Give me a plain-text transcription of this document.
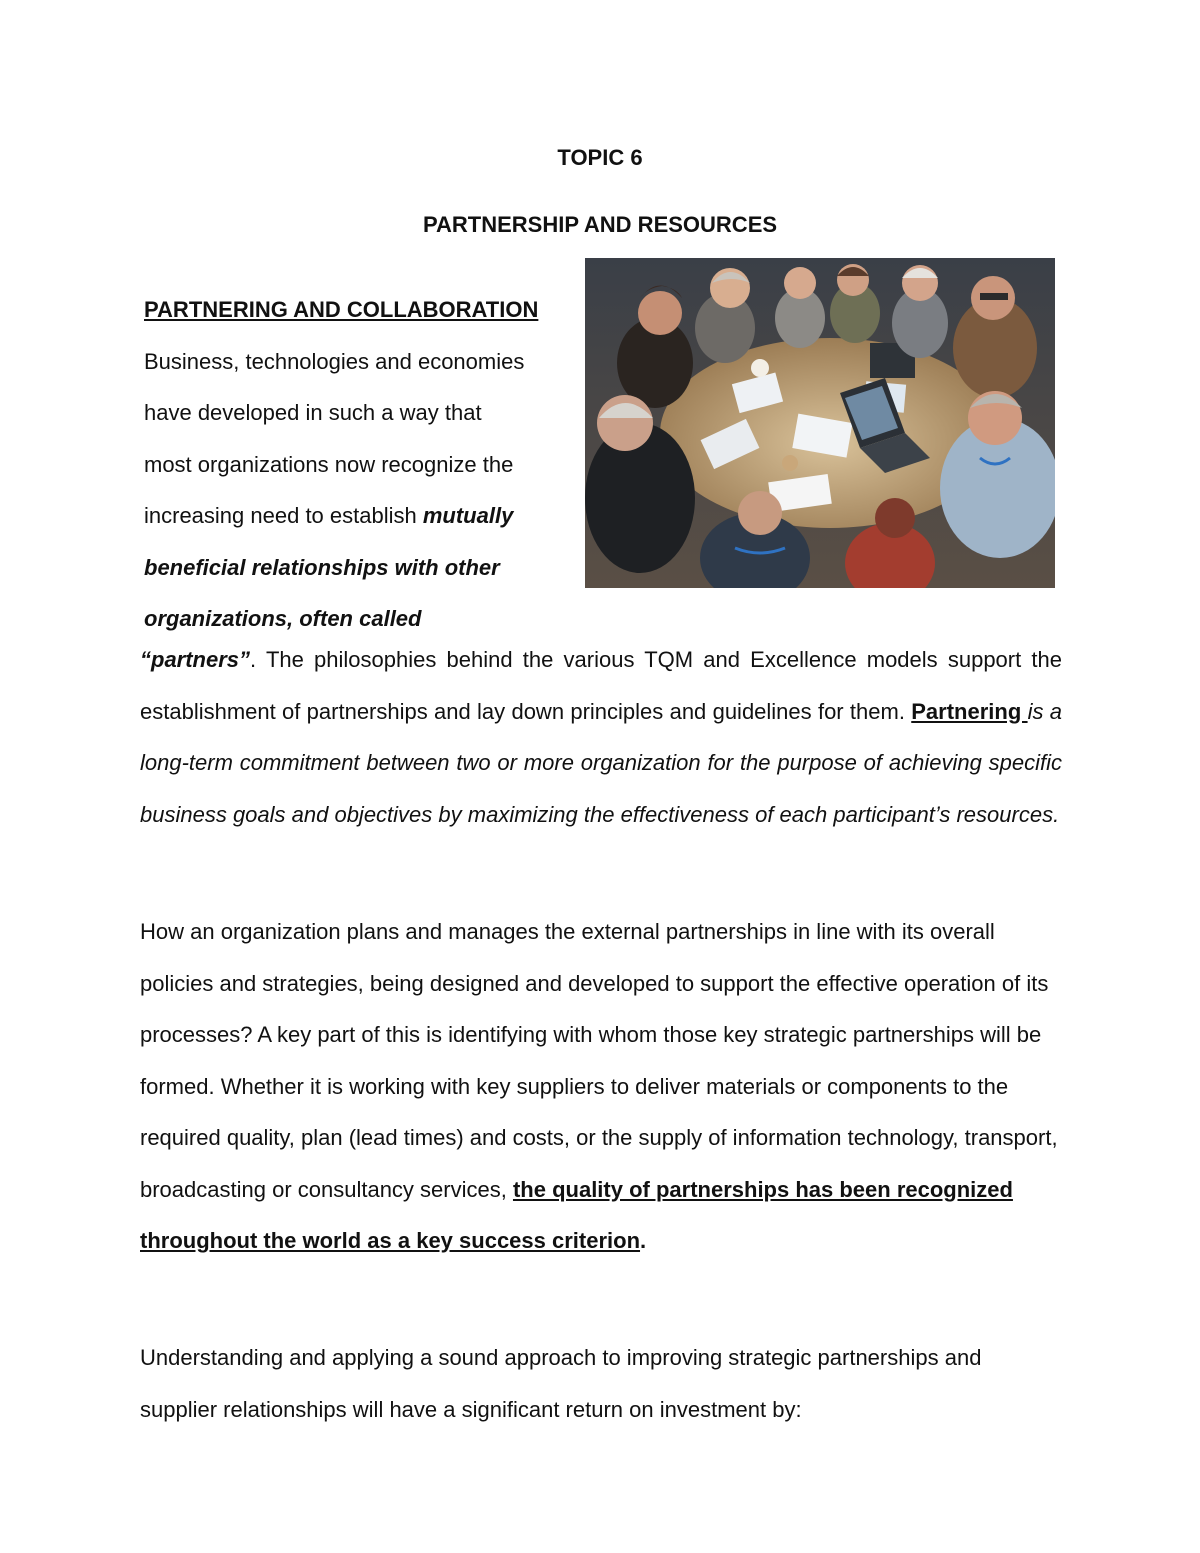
TOPIC 6
PARTNERSHIP AND RESOURCES
PARTNERING AND COLLABORATION
Business, technologies and economies
have developed in such a way that
most organizations now recognize the
increasing need to establish mutually
beneficial relationships with other
organizations, often called
“partners”. The philosophies behind the various TQM and Excellence models support the establishment of partnerships and lay down principles and guidelines for them. Partnering is a long-term commitment between two or more organization for the purpose of achieving specific business goals and objectives by maximizing the effectiveness of each participant’s resources.
How an organization plans and manages the external partnerships in line with its overall policies and strategies, being designed and developed to support the effective operation of its processes? A key part of this is identifying with whom those key strategic partnerships will be formed. Whether it is working with key suppliers to deliver materials or components to the required quality, plan (lead times) and costs, or the supply of information technology, transport, broadcasting or consultancy services, the quality of partnerships has been recognized throughout the world as a key success criterion.
Understanding and applying a sound approach to improving strategic partnerships and supplier relationships will have a significant return on investment by:
